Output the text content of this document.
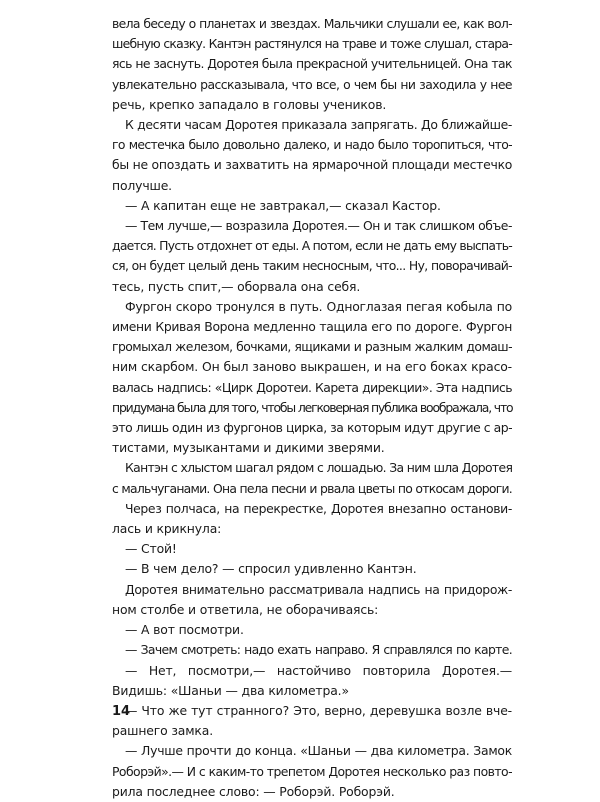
вела беседу о планетах и звездах. Мальчики слушали ее, как вол-
шебную сказку. Кантэн растянулся на траве и тоже слушал, стара-
ясь не заснуть. Доротея была прекрасной учительницей. Она так
увлекательно рассказывала, что все, о чем бы ни заходила у нее
речь, крепко западало в головы учеников.
К десяти часам Доротея приказала запрягать. До ближайше-
го местечка было довольно далеко, и надо было торопиться, что-
бы не опоздать и захватить на ярмарочной площади местечко
получше.
— А капитан еще не завтракал,— сказал Кастор.
— Тем лучше,— возразила Доротея.— Он и так слишком объе-
дается. Пусть отдохнет от еды. А потом, если не дать ему выспать-
ся, он будет целый день таким несносным, что... Ну, поворачивай-
тесь, пусть спит,— оборвала она себя.
Фургон скоро тронулся в путь. Одноглазая пегая кобыла по
имени Кривая Ворона медленно тащила его по дороге. Фургон
громыхал железом, бочками, ящиками и разным жалким домаш-
ним скарбом. Он был заново выкрашен, и на его боках красо-
валась надпись: «Цирк Доротеи. Карета дирекции». Эта надпись
придумана была для того, чтобы легковерная публика воображала, что
это лишь один из фургонов цирка, за которым идут другие с ар-
тистами, музыкантами и дикими зверями.
Кантэн с хлыстом шагал рядом с лошадью. За ним шла Доротея
с мальчуганами. Она пела песни и рвала цветы по откосам дороги.
Через полчаса, на перекрестке, Доротея внезапно останови-
лась и крикнула:
— Стой!
— В чем дело? — спросил удивленно Кантэн.
Доротея внимательно рассматривала надпись на придорож-
ном столбе и ответила, не оборачиваясь:
— А вот посмотри.
— Зачем смотреть: надо ехать направо. Я справлялся по карте.
— Нет, посмотри,— настойчиво повторила Доротея.—
Видишь: «Шаньи — два километра.»
— Что же тут странного? Это, верно, деревушка возле вче-
рашнего замка.
— Лучше прочти до конца. «Шаньи — два километра. Замок
Роборэй».— И с каким-то трепетом Доротея несколько раз повто-
рила последнее слово: — Роборэй. Роборэй.
14
